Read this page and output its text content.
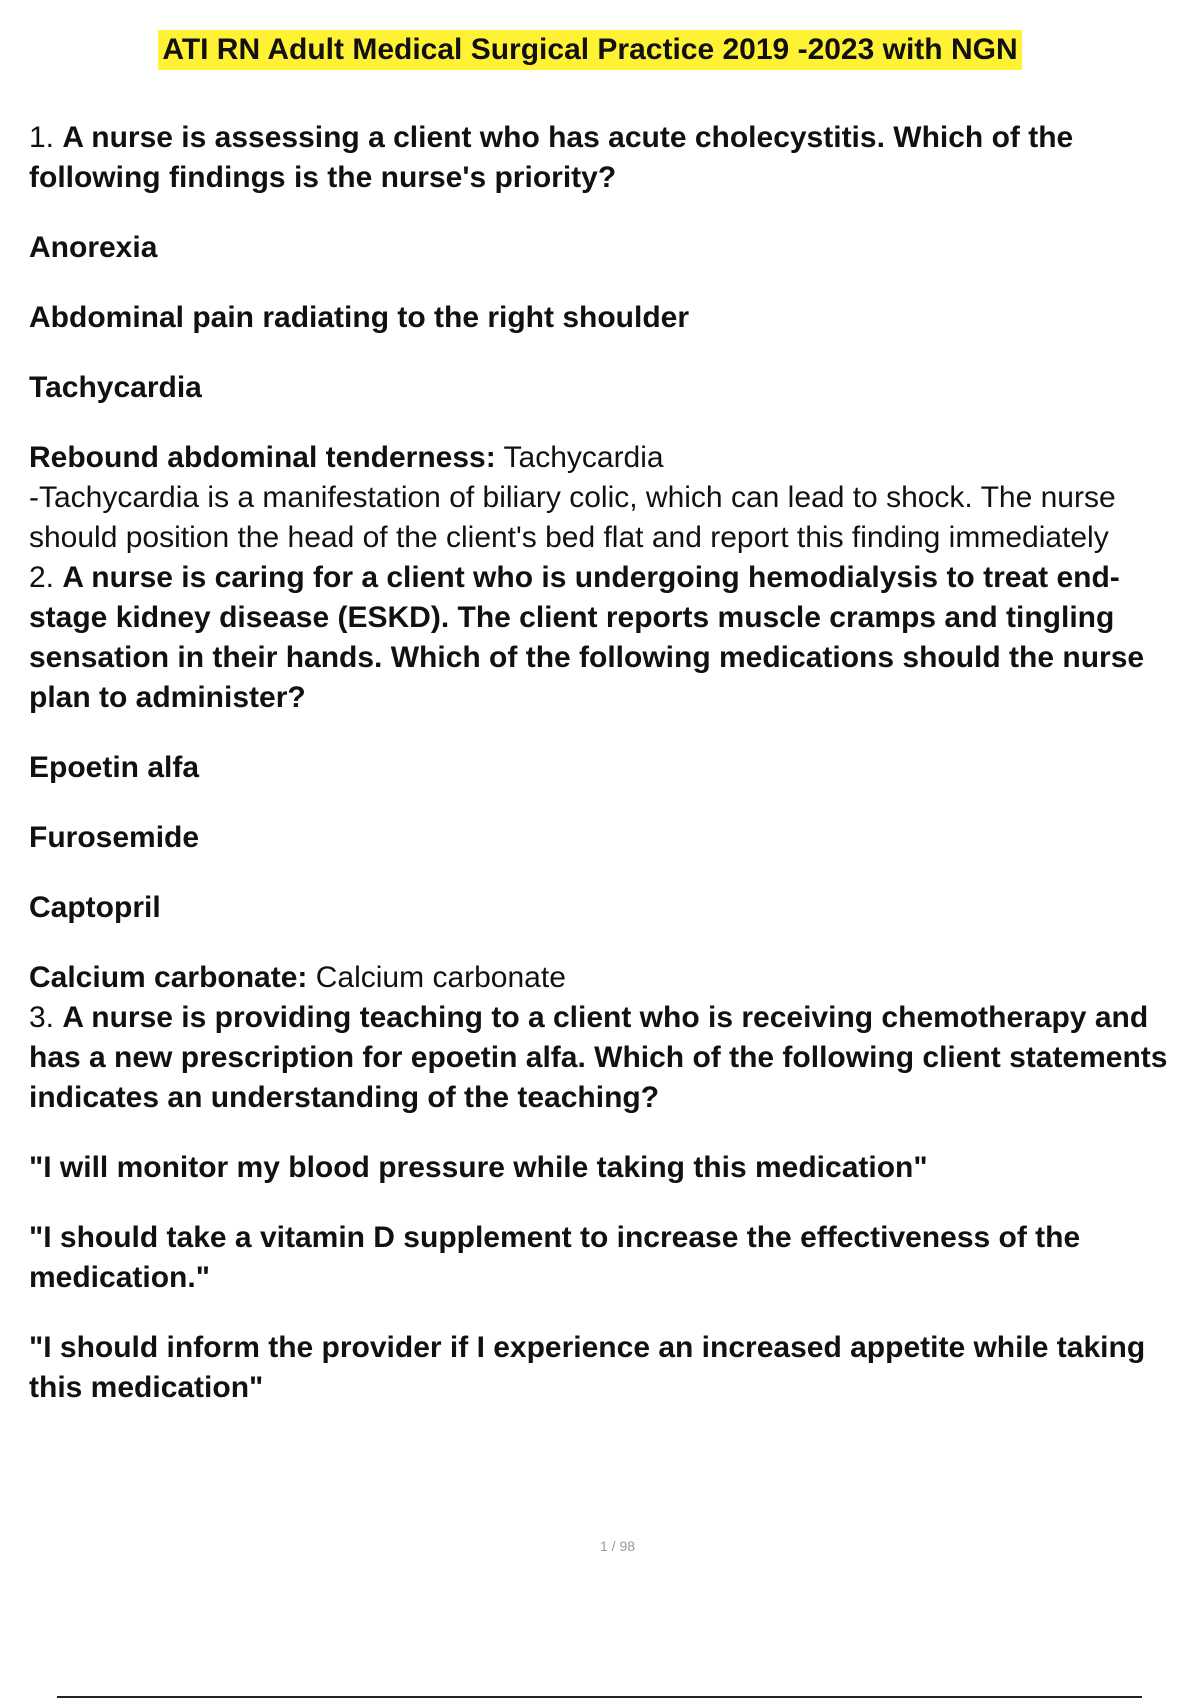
ATI RN Adult Medical Surgical Practice 2019 -2023 with NGN

1. A nurse is assessing a client who has acute cholecystitis. Which of the following findings is the nurse's priority?

Anorexia

Abdominal pain radiating to the right shoulder

Tachycardia

Rebound abdominal tenderness: Tachycardia

-Tachycardia is a manifestation of biliary colic, which can lead to shock. The nurse should position the head of the client's bed flat and report this finding immediately

2. A nurse is caring for a client who is undergoing hemodialysis to treat end-stage kidney disease (ESKD). The client reports muscle cramps and tingling sensation in their hands. Which of the following medications should the nurse plan to administer?

Epoetin alfa

Furosemide

Captopril

Calcium carbonate: Calcium carbonate

3. A nurse is providing teaching to a client who is receiving chemotherapy and has a new prescription for epoetin alfa. Which of the following client statements indicates an understanding of the teaching?

"I will monitor my blood pressure while taking this medication"

"I should take a vitamin D supplement to increase the effectiveness of the medication."

"I should inform the provider if I experience an increased appetite while taking this medication"

1 / 98
